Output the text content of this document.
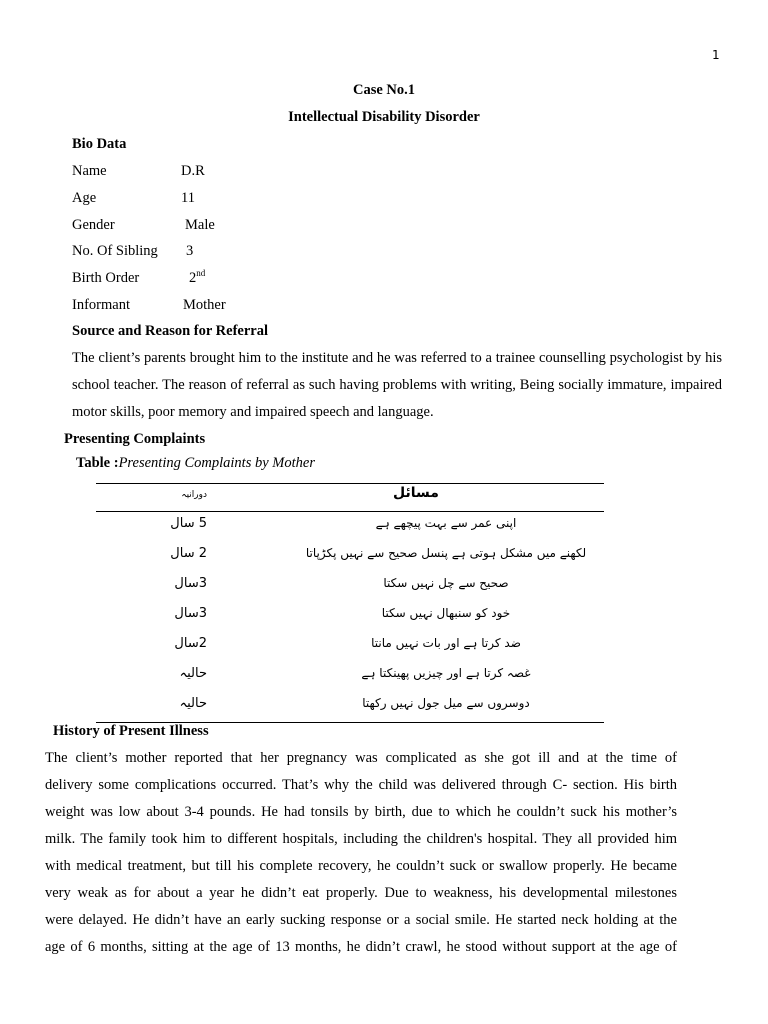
1
Case No.1
Intellectual Disability Disorder
Bio Data
Name	D.R
Age	11
Gender	Male
No. Of Sibling 3
Birth Order	2nd
Informant	Mother
Source and Reason for Referral
The client’s parents brought him to the institute and he was referred to a trainee counselling psychologist by his
school teacher. The reason of referral as such having problems with writing, Being socially immature, impaired
motor skills, poor memory and impaired speech and language.
Presenting Complaints
Table :Presenting Complaints by Mother
دورانیہ	مسائل
5 سال	اپنی عمر سے بہت پیچھے ہے
2 سال	لکھنے میں مشکل ہوتی ہے پنسل صحیح سے نہیں پکڑپاتا
3سال	صحیح سے چل نہیں سکتا
3سال	خود کو سنبھال نہیں سکتا
2سال	ضد کرتا ہے اور بات نہیں مانتا
حالیہ	غصہ کرتا ہے اور چیزیں پھینکتا ہے
حالیہ	دوسروں سے میل جول نہیں رکھتا
History of Present Illness
The client’s mother reported that her pregnancy was complicated as she got ill and at the time of
delivery some complications occurred. That’s why the child was delivered through C- section. His birth
weight was low about 3-4 pounds. He had tonsils by birth, due to which he couldn’t suck his mother’s
milk. The family took him to different hospitals, including the children's hospital. They all provided him
with medical treatment, but till his complete recovery, he couldn’t suck or swallow properly. He became
very weak as for about a year he didn’t eat properly. Due to weakness, his developmental milestones
were delayed. He didn’t have an early sucking response or a social smile. He started neck holding at the
age of 6 months, sitting at the age of 13 months, he didn’t crawl, he stood without support at the age of
